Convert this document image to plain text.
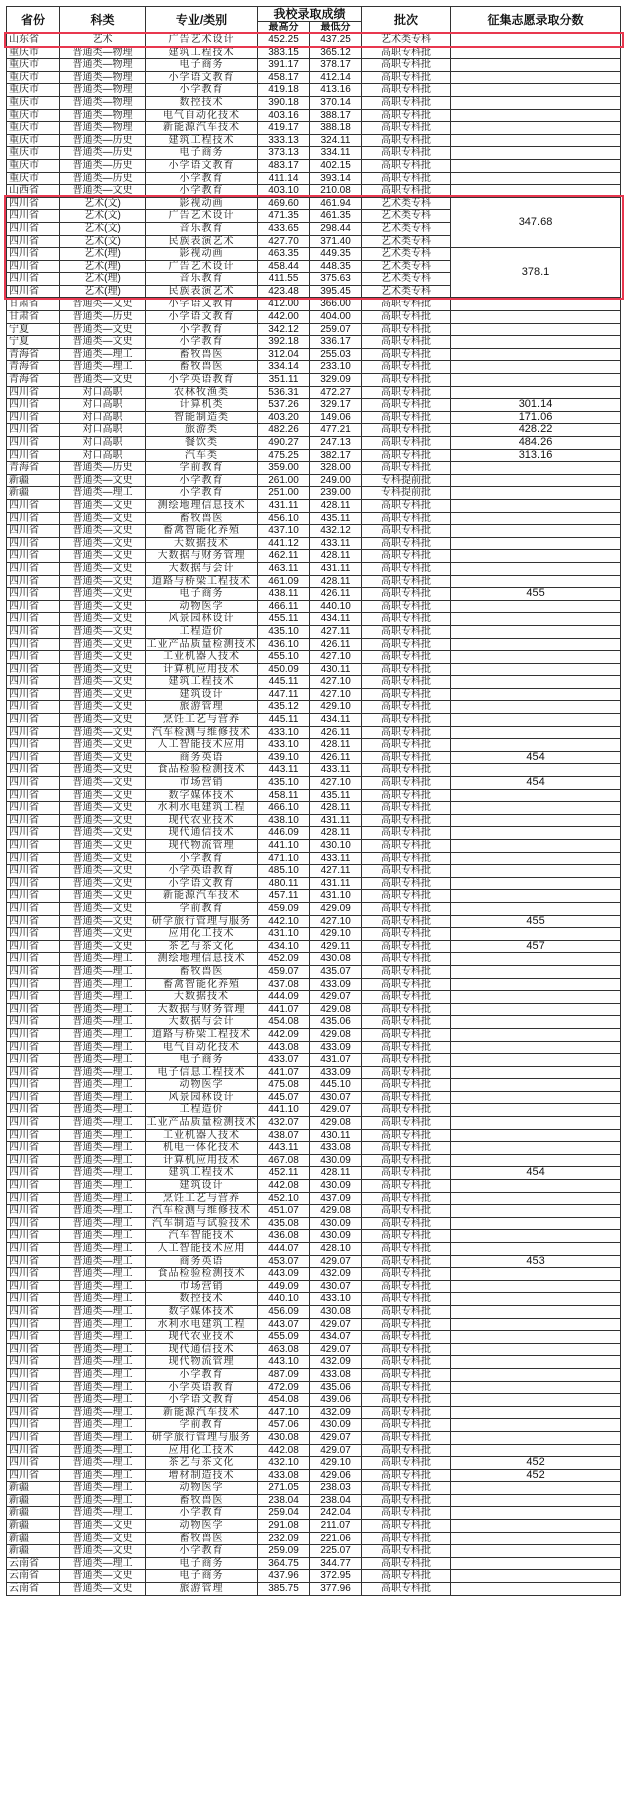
省份	科类	专业/类别	我校录取成绩		批次	征集志愿录取分数
			最高分	最低分		
山东省	艺术	广告艺术设计	452.25	437.25	艺术类专科	
重庆市	普通类—物理	建筑工程技术	383.15	365.12	高职专科批	
重庆市	普通类—物理	电子商务	391.17	378.17	高职专科批	
重庆市	普通类—物理	小学语文教育	458.17	412.14	高职专科批	
重庆市	普通类—物理	小学教育	419.18	413.16	高职专科批	
重庆市	普通类—物理	数控技术	390.18	370.14	高职专科批	
重庆市	普通类—物理	电气自动化技术	403.16	388.17	高职专科批	
重庆市	普通类—物理	新能源汽车技术	419.17	388.18	高职专科批	
重庆市	普通类—历史	建筑工程技术	333.13	324.11	高职专科批	
重庆市	普通类—历史	电子商务	373.13	334.11	高职专科批	
重庆市	普通类—历史	小学语文教育	483.17	402.15	高职专科批	
重庆市	普通类—历史	小学教育	411.14	393.14	高职专科批	
山西省	普通类—文史	小学教育	403.10	210.08	高职专科批	
四川省	艺术(文)	影视动画	469.60	461.94	艺术类专科	347.68
四川省	艺术(文)	广告艺术设计	471.35	461.35	艺术类专科	
四川省	艺术(文)	音乐教育	433.65	298.44	艺术类专科	
四川省	艺术(文)	民族表演艺术	427.70	371.40	艺术类专科	
四川省	艺术(理)	影视动画	463.35	449.35	艺术类专科	378.1
四川省	艺术(理)	广告艺术设计	458.44	448.35	艺术类专科	
四川省	艺术(理)	音乐教育	411.55	375.63	艺术类专科	
四川省	艺术(理)	民族表演艺术	423.48	395.45	艺术类专科	
甘肃省	普通类—文史	小学语文教育	412.00	366.00	高职专科批	
甘肃省	普通类—历史	小学语文教育	442.00	404.00	高职专科批	
宁夏	普通类—文史	小学教育	342.12	259.07	高职专科批	
宁夏	普通类—文史	小学教育	392.18	336.17	高职专科批	
青海省	普通类—理工	畜牧兽医	312.04	255.03	高职专科批	
青海省	普通类—理工	畜牧兽医	334.14	233.10	高职专科批	
青海省	普通类—文史	小学英语教育	351.11	329.09	高职专科批	
四川省	对口高职	农林牧渔类	536.31	472.27	高职专科批	
四川省	对口高职	计算机类	537.26	329.17	高职专科批	301.14
四川省	对口高职	智能制造类	403.20	149.06	高职专科批	171.06
四川省	对口高职	旅游类	482.26	477.21	高职专科批	428.22
四川省	对口高职	餐饮类	490.27	247.13	高职专科批	484.26
四川省	对口高职	汽车类	475.25	382.17	高职专科批	313.16
青海省	普通类—历史	学前教育	359.00	328.00	高职专科批	
新疆	普通类—文史	小学教育	261.00	249.00	专科提前批	
新疆	普通类—理工	小学教育	251.00	239.00	专科提前批	
四川省	普通类—文史	测绘地理信息技术	431.11	428.11	高职专科批	
四川省	普通类—文史	畜牧兽医	456.10	435.11	高职专科批	
四川省	普通类—文史	畜禽智能化养殖	437.10	432.12	高职专科批	
四川省	普通类—文史	大数据技术	441.12	433.11	高职专科批	
四川省	普通类—文史	大数据与财务管理	462.11	428.11	高职专科批	
四川省	普通类—文史	大数据与会计	463.11	431.11	高职专科批	
四川省	普通类—文史	道路与桥梁工程技术	461.09	428.11	高职专科批	
四川省	普通类—文史	电子商务	438.11	426.11	高职专科批	455
四川省	普通类—文史	动物医学	466.11	440.10	高职专科批	
四川省	普通类—文史	风景园林设计	455.11	434.11	高职专科批	
四川省	普通类—文史	工程造价	435.10	427.11	高职专科批	
四川省	普通类—文史	工业产品质量检测技术	436.10	426.11	高职专科批	
四川省	普通类—文史	工业机器人技术	455.10	427.10	高职专科批	
四川省	普通类—文史	计算机应用技术	450.09	430.11	高职专科批	
四川省	普通类—文史	建筑工程技术	445.11	427.10	高职专科批	
四川省	普通类—文史	建筑设计	447.11	427.10	高职专科批	
四川省	普通类—文史	旅游管理	435.12	429.10	高职专科批	
四川省	普通类—文史	烹饪工艺与营养	445.11	434.11	高职专科批	
四川省	普通类—文史	汽车检测与维修技术	433.10	426.11	高职专科批	
四川省	普通类—文史	人工智能技术应用	433.10	428.11	高职专科批	
四川省	普通类—文史	商务英语	439.10	426.11	高职专科批	454
四川省	普通类—文史	食品检验检测技术	443.11	433.11	高职专科批	
四川省	普通类—文史	市场营销	435.10	427.10	高职专科批	454
四川省	普通类—文史	数字媒体技术	458.11	435.11	高职专科批	
四川省	普通类—文史	水利水电建筑工程	466.10	428.11	高职专科批	
四川省	普通类—文史	现代农业技术	438.10	431.11	高职专科批	
四川省	普通类—文史	现代通信技术	446.09	428.11	高职专科批	
四川省	普通类—文史	现代物流管理	441.10	430.10	高职专科批	
四川省	普通类—文史	小学教育	471.10	433.11	高职专科批	
四川省	普通类—文史	小学英语教育	485.10	427.11	高职专科批	
四川省	普通类—文史	小学语文教育	480.11	431.11	高职专科批	
四川省	普通类—文史	新能源汽车技术	457.11	431.10	高职专科批	
四川省	普通类—文史	学前教育	459.09	429.09	高职专科批	
四川省	普通类—文史	研学旅行管理与服务	442.10	427.10	高职专科批	455
四川省	普通类—文史	应用化工技术	431.10	429.10	高职专科批	
四川省	普通类—文史	茶艺与茶文化	434.10	429.11	高职专科批	457
四川省	普通类—理工	测绘地理信息技术	452.09	430.08	高职专科批	
四川省	普通类—理工	畜牧兽医	459.07	435.07	高职专科批	
四川省	普通类—理工	畜禽智能化养殖	437.08	433.09	高职专科批	
四川省	普通类—理工	大数据技术	444.09	429.07	高职专科批	
四川省	普通类—理工	大数据与财务管理	441.07	429.08	高职专科批	
四川省	普通类—理工	大数据与会计	454.08	435.06	高职专科批	
四川省	普通类—理工	道路与桥梁工程技术	442.09	429.08	高职专科批	
四川省	普通类—理工	电气自动化技术	443.08	433.09	高职专科批	
四川省	普通类—理工	电子商务	433.07	431.07	高职专科批	
四川省	普通类—理工	电子信息工程技术	441.07	433.09	高职专科批	
四川省	普通类—理工	动物医学	475.08	445.10	高职专科批	
四川省	普通类—理工	风景园林设计	445.07	430.07	高职专科批	
四川省	普通类—理工	工程造价	441.10	429.07	高职专科批	
四川省	普通类—理工	工业产品质量检测技术	432.07	429.08	高职专科批	
四川省	普通类—理工	工业机器人技术	438.07	430.11	高职专科批	
四川省	普通类—理工	机电一体化技术	443.11	433.08	高职专科批	
四川省	普通类—理工	计算机应用技术	467.08	430.09	高职专科批	
四川省	普通类—理工	建筑工程技术	452.11	428.11	高职专科批	454
四川省	普通类—理工	建筑设计	442.08	430.09	高职专科批	
四川省	普通类—理工	烹饪工艺与营养	452.10	437.09	高职专科批	
四川省	普通类—理工	汽车检测与维修技术	451.07	429.08	高职专科批	
四川省	普通类—理工	汽车制造与试验技术	435.08	430.09	高职专科批	
四川省	普通类—理工	汽车智能技术	436.08	430.09	高职专科批	
四川省	普通类—理工	人工智能技术应用	444.07	428.10	高职专科批	
四川省	普通类—理工	商务英语	453.07	429.07	高职专科批	453
四川省	普通类—理工	食品检验检测技术	443.09	432.09	高职专科批	
四川省	普通类—理工	市场营销	449.09	430.07	高职专科批	
四川省	普通类—理工	数控技术	440.10	433.10	高职专科批	
四川省	普通类—理工	数字媒体技术	456.09	430.08	高职专科批	
四川省	普通类—理工	水利水电建筑工程	443.07	429.07	高职专科批	
四川省	普通类—理工	现代农业技术	455.09	434.07	高职专科批	
四川省	普通类—理工	现代通信技术	463.08	429.07	高职专科批	
四川省	普通类—理工	现代物流管理	443.10	432.09	高职专科批	
四川省	普通类—理工	小学教育	487.09	433.08	高职专科批	
四川省	普通类—理工	小学英语教育	472.09	435.06	高职专科批	
四川省	普通类—理工	小学语文教育	454.08	439.06	高职专科批	
四川省	普通类—理工	新能源汽车技术	447.10	432.09	高职专科批	
四川省	普通类—理工	学前教育	457.06	430.09	高职专科批	
四川省	普通类—理工	研学旅行管理与服务	430.08	429.07	高职专科批	
四川省	普通类—理工	应用化工技术	442.08	429.07	高职专科批	
四川省	普通类—理工	茶艺与茶文化	432.10	429.10	高职专科批	452
四川省	普通类—理工	增材制造技术	433.08	429.06	高职专科批	452
新疆	普通类—理工	动物医学	271.05	238.03	高职专科批	
新疆	普通类—理工	畜牧兽医	238.04	238.04	高职专科批	
新疆	普通类—理工	小学教育	259.04	242.04	高职专科批	
新疆	普通类—文史	动物医学	291.08	211.07	高职专科批	
新疆	普通类—文史	畜牧兽医	232.09	221.06	高职专科批	
新疆	普通类—文史	小学教育	259.09	225.07	高职专科批	
云南省	普通类—理工	电子商务	364.75	344.77	高职专科批	
云南省	普通类—文史	电子商务	437.96	372.95	高职专科批	
云南省	普通类—文史	旅游管理	385.75	377.96	高职专科批	
